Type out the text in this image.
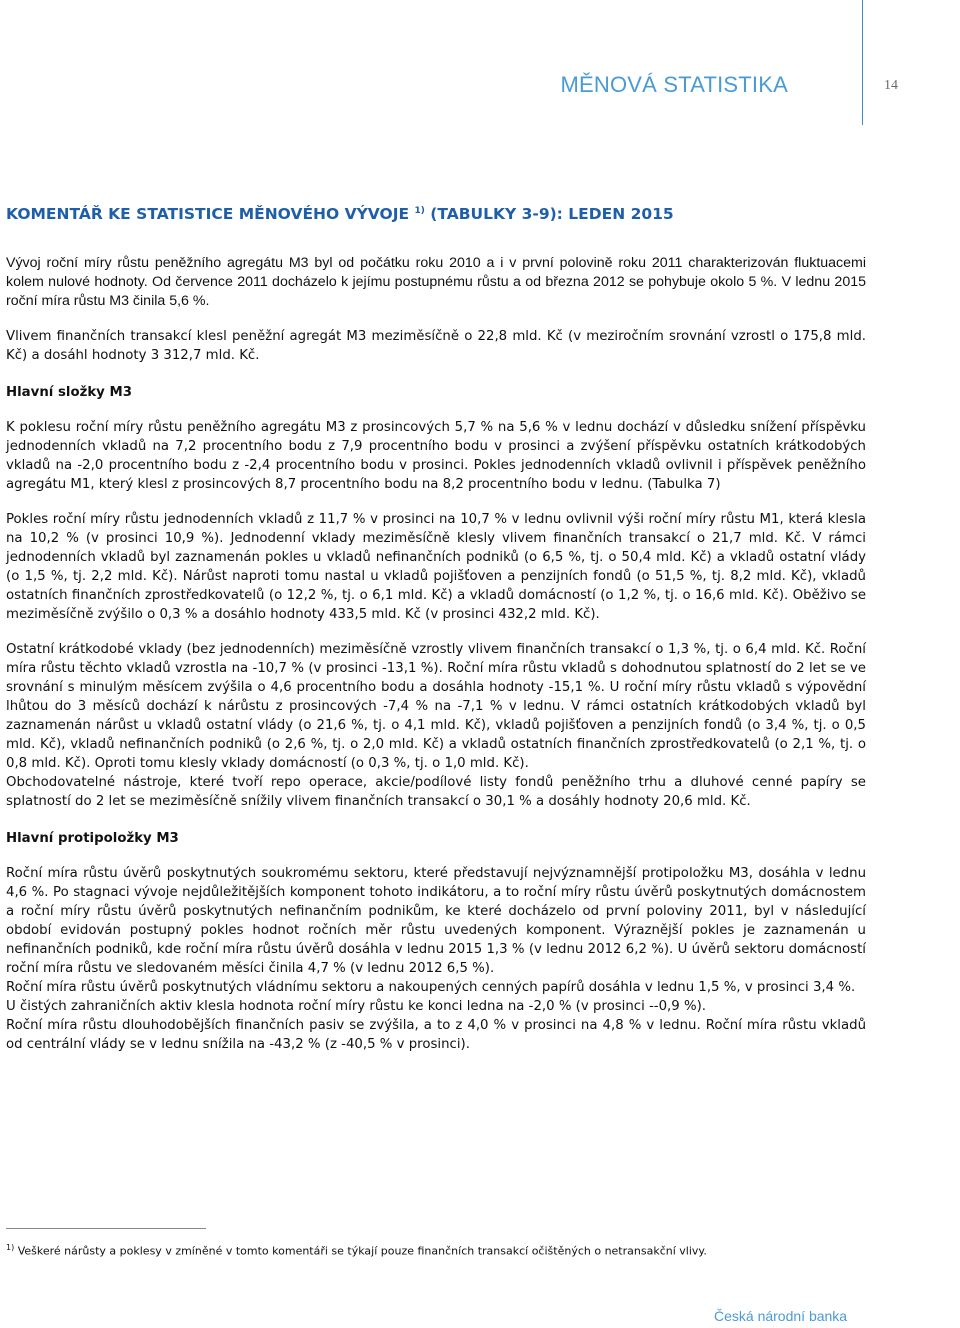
MĚNOVÁ STATISTIKA	14
KOMENTÁŘ KE STATISTICE MĚNOVÉHO VÝVOJE $^{1)}$ (TABULKY 3-9): LEDEN 2015

Vývoj roční míry růstu peněžního agregátu M3 byl od počátku roku 2010 a i v první polovině roku 2011 charakterizován fluktuacemi kolem nulové hodnoty. Od července 2011 docházelo k jejímu postupnému růstu a od března 2012 se pohybuje okolo 5 %. V lednu 2015 roční míra růstu M3 činila 5,6 %.

Vlivem finančních transakcí klesl peněžní agregát M3 meziměsíčně o 22,8 mld. Kč (v meziročním srovnání vzrostl o 175,8 mld. Kč) a dosáhl hodnoty 3 312,7 mld. Kč.

Hlavní složky M3

K poklesu roční míry růstu peněžního agregátu M3 z prosincových 5,7 % na 5,6 % v lednu dochází v důsledku snížení příspěvku jednodenních vkladů na 7,2 procentního bodu z 7,9 procentního bodu v prosinci a zvýšení příspěvku ostatních krátkodobých vkladů na -2,0 procentního bodu z -2,4 procentního bodu v prosinci. Pokles jednodenních vkladů ovlivnil i příspěvek peněžního agregátu M1, který klesl z prosincových 8,7 procentního bodu na 8,2 procentního bodu v lednu. (Tabulka 7)

Pokles roční míry růstu jednodenních vkladů z 11,7 % v prosinci na 10,7 % v lednu ovlivnil výši roční míry růstu M1, která klesla na 10,2 % (v prosinci 10,9 %). Jednodenní vklady meziměsíčně klesly vlivem finančních transakcí o 21,7 mld. Kč. V rámci jednodenních vkladů byl zaznamenán pokles u vkladů nefinančních podniků (o 6,5 %, tj. o 50,4 mld. Kč) a vkladů ostatní vlády (o 1,5 %, tj. 2,2 mld. Kč). Nárůst naproti tomu nastal u vkladů pojišťoven a penzijních fondů (o 51,5 %, tj. 8,2 mld. Kč), vkladů ostatních finančních zprostředkovatelů (o 12,2 %, tj. o 6,1 mld. Kč) a vkladů domácností (o 1,2 %, tj. o 16,6 mld. Kč). Oběživo se meziměsíčně zvýšilo o 0,3 % a dosáhlo hodnoty 433,5 mld. Kč (v prosinci 432,2 mld. Kč).

Ostatní krátkodobé vklady (bez jednodenních) meziměsíčně vzrostly vlivem finančních transakcí o 1,3 %, tj. o 6,4 mld. Kč. Roční míra růstu těchto vkladů vzrostla na -10,7 % (v prosinci -13,1 %). Roční míra růstu vkladů s dohodnutou splatností do 2 let se ve srovnání s minulým měsícem zvýšila o 4,6 procentního bodu a dosáhla hodnoty -15,1 %. U roční míry růstu vkladů s výpovědní lhůtou do 3 měsíců dochází k nárůstu z prosincových -7,4 % na -7,1 % v lednu. V rámci ostatních krátkodobých vkladů byl zaznamenán nárůst u vkladů ostatní vlády (o 21,6 %, tj. o 4,1 mld. Kč), vkladů pojišťoven a penzijních fondů (o 3,4 %, tj. o 0,5 mld. Kč), vkladů nefinančních podniků (o 2,6 %, tj. o 2,0 mld. Kč) a vkladů ostatních finančních zprostředkovatelů (o 2,1 %, tj. o 0,8 mld. Kč). Oproti tomu klesly vklady domácností (o 0,3 %, tj. o 1,0 mld. Kč).

Obchodovatelné nástroje, které tvoří repo operace, akcie/podílové listy fondů peněžního trhu a dluhové cenné papíry se splatností do 2 let se meziměsíčně snížily vlivem finančních transakcí o 30,1 % a dosáhly hodnoty 20,6 mld. Kč.

Hlavní protipoložky M3

Roční míra růstu úvěrů poskytnutých soukromému sektoru, které představují nejvýznamnější protipoložku M3, dosáhla v lednu 4,6 %. Po stagnaci vývoje nejdůležitějších komponent tohoto indikátoru, a to roční míry růstu úvěrů poskytnutých domácnostem a roční míry růstu úvěrů poskytnutých nefinančním podnikům, ke které docházelo od první poloviny 2011, byl v následující období evidován postupný pokles hodnot ročních měr růstu uvedených komponent. Výraznější pokles je zaznamenán u nefinančních podniků, kde roční míra růstu úvěrů dosáhla v lednu 2015 1,3 % (v lednu 2012 6,2 %). U úvěrů sektoru domácností roční míra růstu ve sledovaném měsíci činila 4,7 % (v lednu 2012 6,5 %).

Roční míra růstu úvěrů poskytnutých vládnímu sektoru a nakoupených cenných papírů dosáhla v lednu 1,5 %, v prosinci 3,4 %.

U čistých zahraničních aktiv klesla hodnota roční míry růstu ke konci ledna na -2,0 % (v prosinci --0,9 %).

Roční míra růstu dlouhodobějších finančních pasiv se zvýšila, a to z 4,0 % v prosinci na 4,8 % v lednu. Roční míra růstu vkladů od centrální vlády se v lednu snížila na -43,2 % (z -40,5 % v prosinci).

$^{1)}$ Veškeré nárůsty a poklesy v zmíněné v tomto komentáři se týkají pouze finančních transakcí očištěných o netransakční vlivy.
Česká národní banka
